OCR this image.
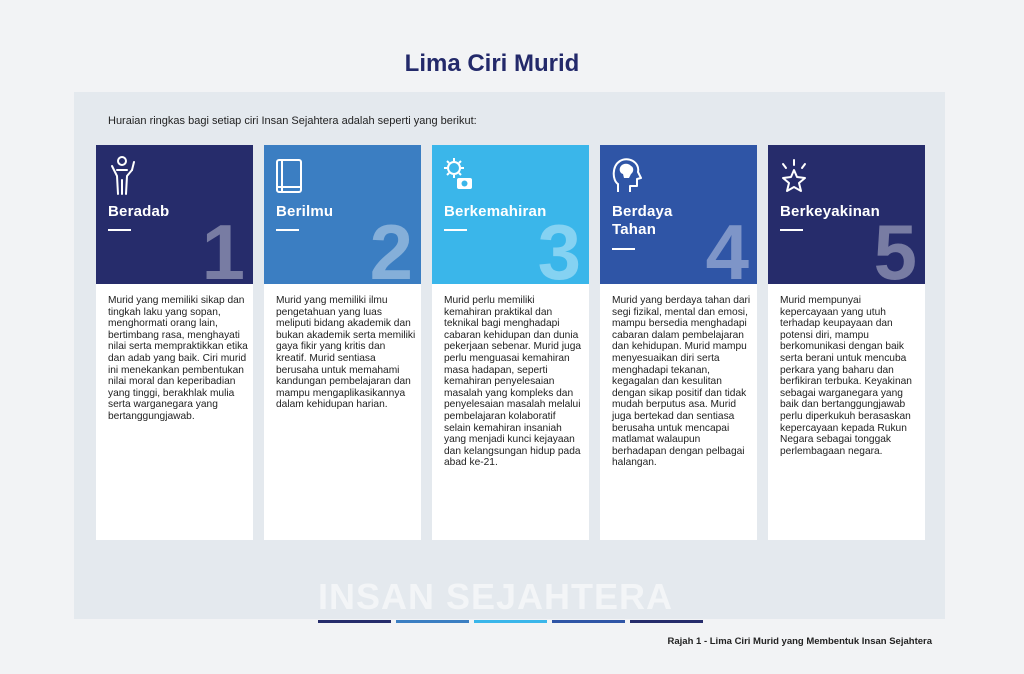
Lima Ciri Murid
Huraian ringkas bagi setiap ciri Insan Sejahtera adalah seperti yang berikut:
Beradab 1
Murid yang memiliki sikap dan tingkah laku yang sopan, menghormati orang lain, bertimbang rasa, menghayati nilai serta mempraktikkan etika dan adab yang baik. Ciri murid ini menekankan pembentukan nilai moral dan keperibadian yang tinggi, berakhlak mulia serta warganegara yang bertanggungjawab.
Berilmu 2
Murid yang memiliki ilmu pengetahuan yang luas meliputi bidang akademik dan bukan akademik serta memiliki gaya fikir yang kritis dan kreatif. Murid sentiasa berusaha untuk memahami kandungan pembelajaran dan mampu mengaplikasikannya dalam kehidupan harian.
Berkemahiran
3
Murid perlu memiliki kemahiran praktikal dan teknikal bagi menghadapi cabaran kehidupan dan dunia pekerjaan sebenar. Murid juga perlu menguasai kemahiran masa hadapan, seperti kemahiran penyelesaian masalah yang kompleks dan penyelesaian masalah melalui pembelajaran kolaboratif selain kemahiran insaniah yang menjadi kunci kejayaan dan kelangsungan hidup pada abad ke-21.
Berdaya
Tahan 4
Murid yang berdaya tahan dari segi fizikal, mental dan emosi, mampu bersedia menghadapi cabaran dalam pembelajaran dan kehidupan. Murid mampu menyesuaikan diri serta menghadapi tekanan, kegagalan dan kesulitan dengan sikap positif dan tidak mudah berputus asa. Murid juga bertekad dan sentiasa berusaha untuk mencapai matlamat walaupun berhadapan dengan pelbagai halangan.
Berkeyakinan
5
Murid mempunyai kepercayaan yang utuh terhadap keupayaan dan potensi diri, mampu berkomunikasi dengan baik serta berani untuk mencuba perkara yang baharu dan berfikiran terbuka. Keyakinan sebagai warganegara yang baik dan bertanggungjawab perlu diperkukuh berasaskan kepercayaan kepada Rukun Negara sebagai tonggak perlembagaan negara.
INSAN SEJAHTERA
Rajah 1 - Lima Ciri Murid yang Membentuk Insan Sejahtera
